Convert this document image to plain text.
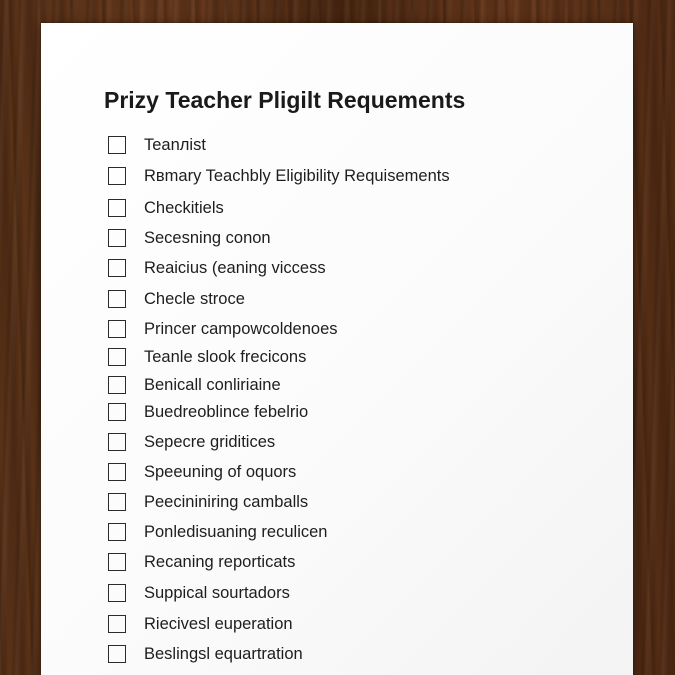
Prizy Teacher Pligilt Requements
Teanлist
Rвmary Teachbly Eligibility Requisements
Checkitiels
Secesning conon
Reaicius (eaning viccess
Checle stroce
Princer campowcoldenoes
Teanle slook frecicons
Benicall conliriaine
Buedreoblince febelrio
Sepecre griditices
Speeuning of oquors
Peecininiring camballs
Ponledisuaning reculicen
Recaning reporticats
Suppical sourtadors
Riecivesl euperation
Beslingsl equartration
